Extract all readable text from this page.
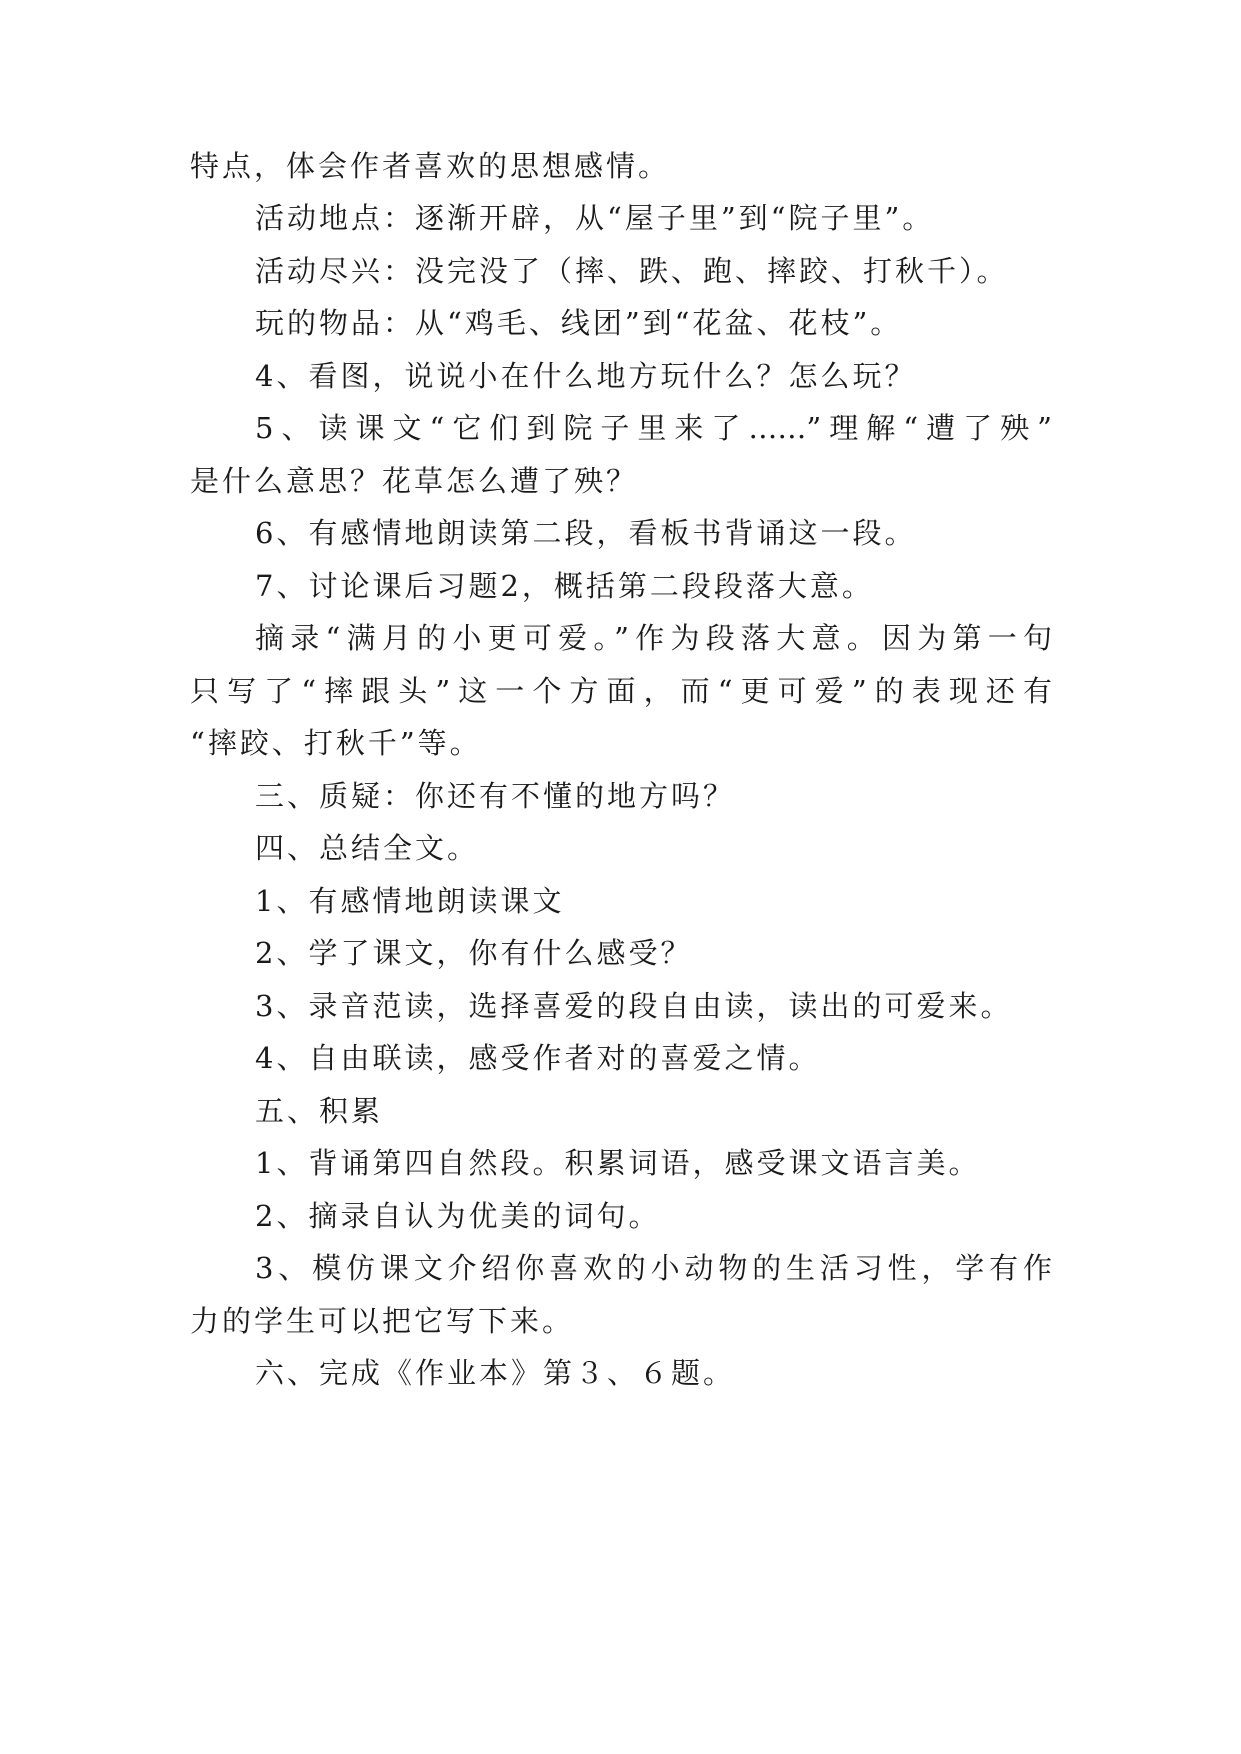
特点，体会作者喜欢的思想感情。

活动地点：逐渐开辟，从“屋子里”到“院子里”。

活动尽兴：没完没了（摔、跌、跑、摔跤、打秋千）。

玩的物品：从“鸡毛、线团”到“花盆、花枝”。

4、看图，说说小在什么地方玩什么？怎么玩？

5、读课文“它们到院子里来了……”理解“遭了殃”

是什么意思？花草怎么遭了殃？

6、有感情地朗读第二段，看板书背诵这一段。

7、讨论课后习题2，概括第二段段落大意。

摘录“满月的小更可爱。”作为段落大意。因为第一句

只写了“摔跟头”这一个方面，而“更可爱”的表现还有

“摔跤、打秋千”等。

三、质疑：你还有不懂的地方吗？

四、总结全文。

1、有感情地朗读课文

2、学了课文，你有什么感受？

3、录音范读，选择喜爱的段自由读，读出的可爱来。

4、自由联读，感受作者对的喜爱之情。

五、积累

1、背诵第四自然段。积累词语，感受课文语言美。

2、摘录自认为优美的词句。

3、模仿课文介绍你喜欢的小动物的生活习性，学有作

力的学生可以把它写下来。

六、完成《作业本》第３、６题。
